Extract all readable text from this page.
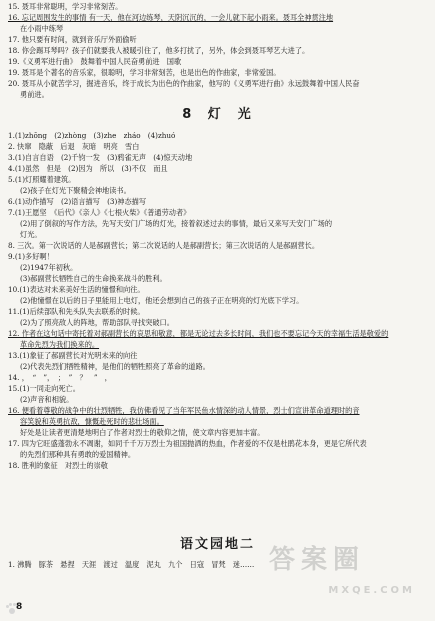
15. 聂耳非常聪明，学习非常刻苦。
16. 忘记周围发生的事情 有一天，他在河边练琴，天阴沉沉的，一会儿就下起小雨来。聂耳全神贯注地
在小雨中练琴
17. 他只要有时间，就到音乐厅外面偷听　　
18. 你会踢耳琴吗？孩子们就要我人被暖引住了，他多打扰了，另外，体会到聂耳琴艺大进了。
19.《义勇军进行曲》　鼓舞着中国人民奋勇前进　国歌
19. 聂耳是个著名的音乐家，很聪明，学习非常刻苦，也是出色的作曲家，非常爱国。
20. 聂耳从小就苦学习，掘进音乐，终于成长为出色的作曲家，他写的《义勇军进行曲》永远鼓舞着中国人民奋
勇前进。
8 灯　光
1.(1)zhōng　(2)zhòng　(3)zhe　zháo　(4)zhuó
2. 快窜　隐蔽　后退　灰暗　明亮　雪白
3.(1)自言自语　(2)千钧一发　(3)鸦雀无声　(4)惊天动地
4.(1)虽然　但是　(2)因为　所以　(3)不仅　而且
5.(1)灯照耀着建筑。
(2)孩子在灯光下聚精会神地读书。
6.(1)动作描写　(2)语言描写　(3)神态描写
7.(1)王愿坚　《后代》《亲人》《七根火柴》《普通劳动者》
(2)用了倒叙的写作方法，先写天安门广场的灯光，接着叙述过去的事情，最后又来写天安门广场的
灯光。
8. 三次。第一次说话的人是郝副营长；第二次说话的人是郝副营长；第三次说话的人是郝副营长。
9.(1)多好啊！
(2)1947年初秋。
(3)郝副营长牺牲自己的生命换来战斗的胜利。
10.(1)表达对未来美好生活的憧憬和向往。
(2)他憧憬在以后的日子里能用上电灯，他还会想到自己的孩子正在明亮的灯光底下学习。
11.(1)后续部队和先头队失去联系的时候。
(2)为了照亮敌人的阵地，帮助部队寻找突破口。
12. 作者在这句话中寄托着对郝副营长的哀思和敬意，都是无论过去多长时间，我们也不要忘记今天的幸福生活是敬爱的
革命先烈为我们换来的。
13.(1)象征了郝副营长对光明未来的向往
(2)代表先烈们牺牲精神，是他们的牺牲照亮了革命的道路。
14. ，　“　”，　；　”　？　”　，
15.(1)一同走向死亡。
(2)声音和相貌。
16. 便看着尊敬的战争中的壮烈牺牲，我仿佛看见了当年军民鱼水情深的动人情景，烈士们宣讲革命道理时的音
容笑貌和英勇抗敌，慷慨赴死时的悲壮场面。
好处是让读者更清楚地明白了作者对烈士的敬仰之情，使文章内容更加丰富。
17. 四为它旺盛蓬勃永不凋谢，如同千千万万烈士为祖国抛洒的热血，作者爱的不仅是杜鹃花本身，更是它所代表
的先烈们那种具有勇敢的爱国精神。
18. 胜利的象征　对烈士的崇敬
语文园地二
1. 沸腾　豚茶　悬捏　天涯　渡过　温度　泥丸　九个　日寇　冒梵　迷…… 答案圈
MXQE.COM
8
